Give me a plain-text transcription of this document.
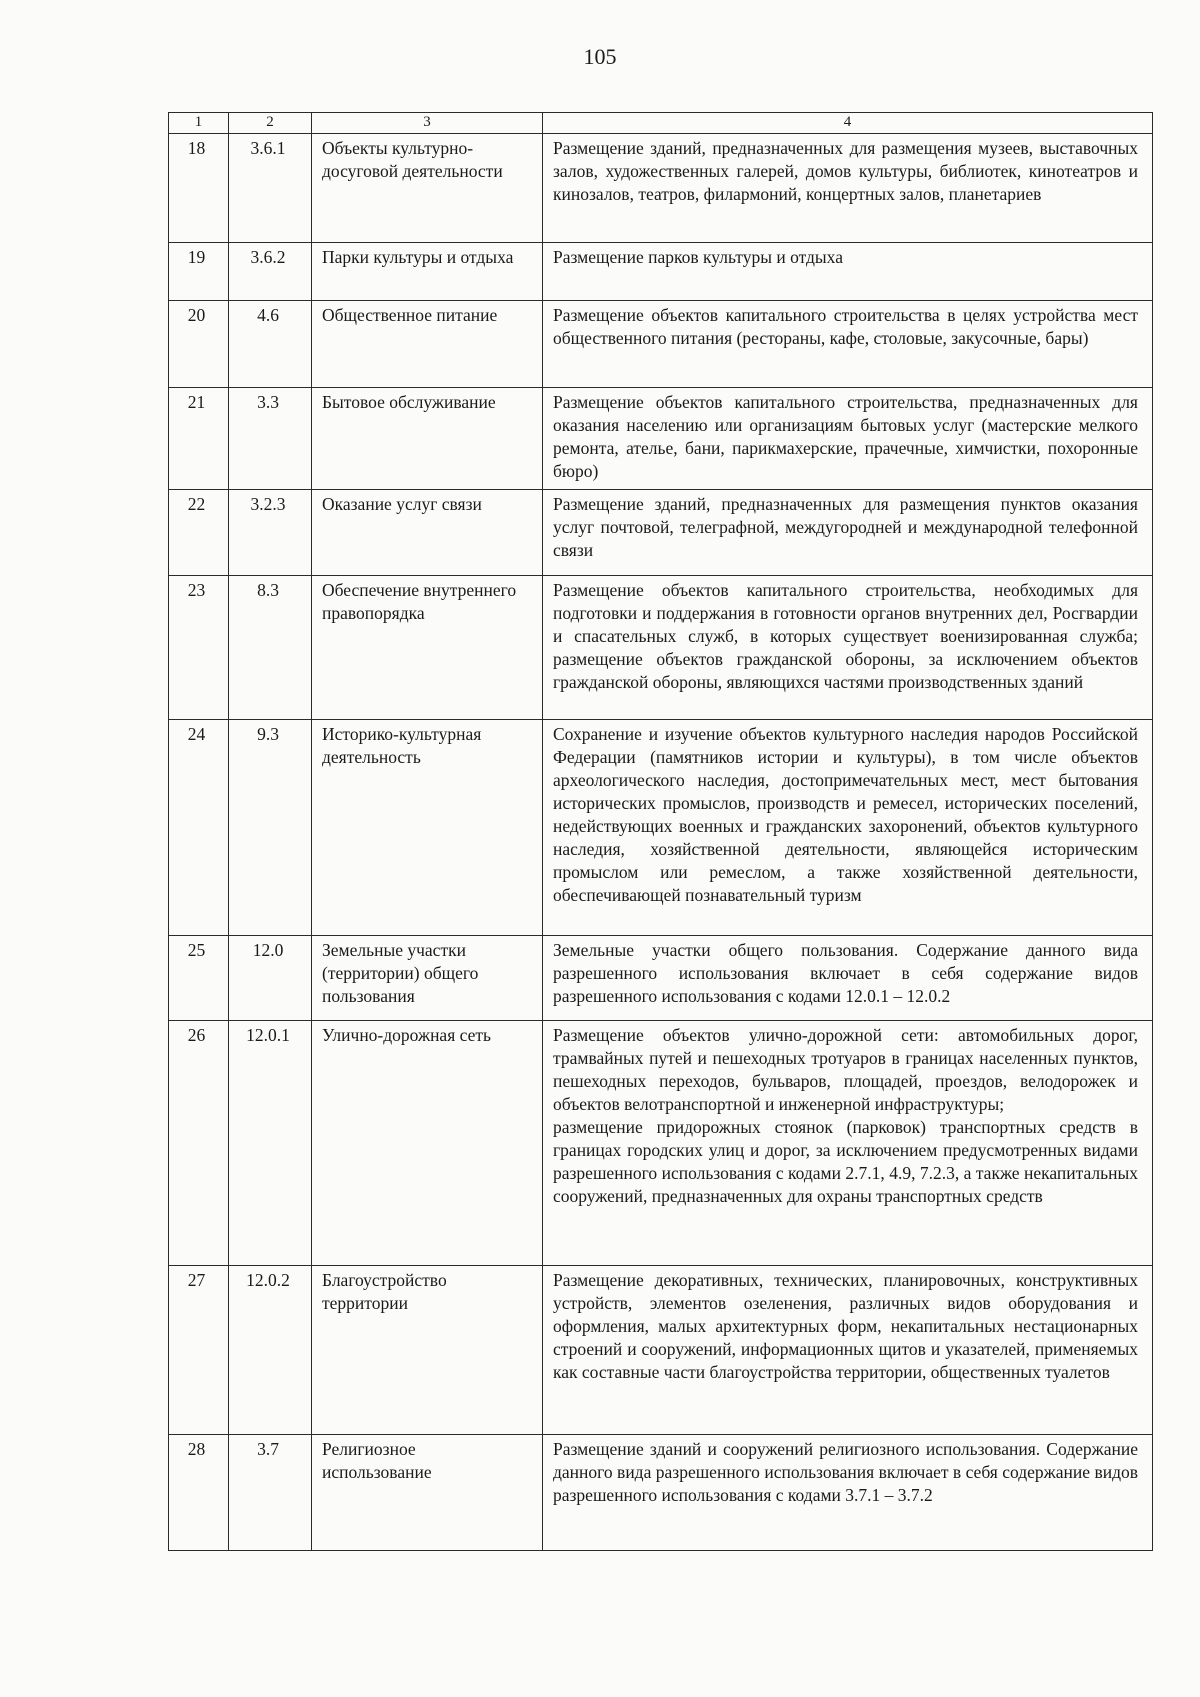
105
1	2	3	4
18	3.6.1	Объекты культурно-досуговой деятельности	Размещение зданий, предназначенных для размещения музеев, выставочных залов, художественных галерей, домов культуры, библиотек, кинотеатров и кинозалов, театров, филармоний, концертных залов, планетариев
19	3.6.2	Парки культуры и отдыха	Размещение парков культуры и отдыха
20	4.6	Общественное питание	Размещение объектов капитального строительства в целях устройства мест общественного питания (рестораны, кафе, столовые, закусочные, бары)
21	3.3	Бытовое обслуживание	Размещение объектов капитального строительства, предназначенных для оказания населению или организациям бытовых услуг (мастерские мелкого ремонта, ателье, бани, парикмахерские, прачечные, химчистки, похоронные бюро)
22	3.2.3	Оказание услуг связи	Размещение зданий, предназначенных для размещения пунктов оказания услуг почтовой, телеграфной, междугородней и международной телефонной связи
23	8.3	Обеспечение внутреннего правопорядка	Размещение объектов капитального строительства, необходимых для подготовки и поддержания в готовности органов внутренних дел, Росгвардии и спасательных служб, в которых существует военизированная служба; размещение объектов гражданской обороны, за исключением объектов гражданской обороны, являющихся частями производственных зданий
24	9.3	Историко-культурная деятельность	Сохранение и изучение объектов культурного наследия народов Российской Федерации (памятников истории и культуры), в том числе объектов археологического наследия, достопримечательных мест, мест бытования исторических промыслов, производств и ремесел, исторических поселений, недействующих военных и гражданских захоронений, объектов культурного наследия, хозяйственной деятельности, являющейся историческим промыслом или ремеслом, а также хозяйственной деятельности, обеспечивающей познавательный туризм
25	12.0	Земельные участки (территории) общего пользования	Земельные участки общего пользования. Содержание данного вида разрешенного использования включает в себя содержание видов разрешенного использования с кодами 12.0.1 – 12.0.2
26	12.0.1	Улично-дорожная сеть	Размещение объектов улично-дорожной сети: автомобильных дорог, трамвайных путей и пешеходных тротуаров в границах населенных пунктов, пешеходных переходов, бульваров, площадей, проездов, велодорожек и объектов велотранспортной и инженерной инфраструктуры;
размещение придорожных стоянок (парковок) транспортных средств в границах городских улиц и дорог, за исключением предусмотренных видами разрешенного использования с кодами 2.7.1, 4.9, 7.2.3, а также некапитальных сооружений, предназначенных для охраны транспортных средств

27	12.0.2	Благоустройство территории	Размещение декоративных, технических, планировочных, конструктивных устройств, элементов озеленения, различных видов оборудования и оформления, малых архитектурных форм, некапитальных нестационарных строений и сооружений, информационных щитов и указателей, применяемых как составные части благоустройства территории, общественных туалетов
28	3.7	Религиозное использование	Размещение зданий и сооружений религиозного использования. Содержание данного вида разрешенного использования включает в себя содержание видов разрешенного использования с кодами 3.7.1 – 3.7.2
